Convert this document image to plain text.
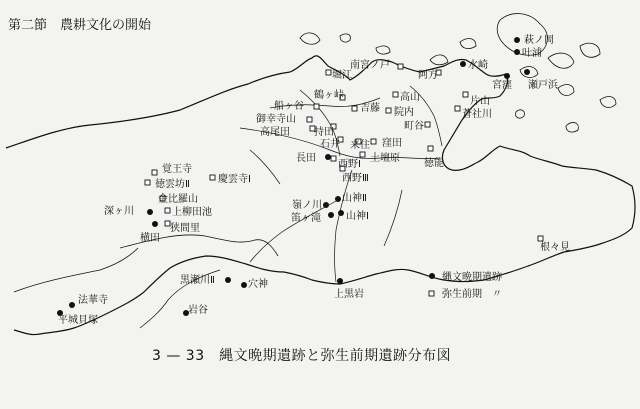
第二節　農耕文化の開始
萩ノ岡
叶浦
水崎
宮窪 瀬戸浜
南宮ノ戸
阿方
堀江
高山
鶴ヶ峠
片山
船ヶ谷	吉藤 院内	蒼社川
御幸寺山
持田
町谷
高尾田
石井 来住 窪田
長田
西野Ⅰ
土壇原 徳能
西野Ⅲ
覚王寺
慶雲寺Ⅰ
徳雲坊Ⅱ
金比羅山
深ヶ川	上柳田池
狭間里
横田
山神Ⅱ
嶺ノ川
笛ヶ滝	山神Ⅰ
根々見
黒瀬川Ⅱ	穴神
上黒岩
法華寺
岩谷
平城貝塚
縄文晩期遺跡
弥生前期　〃
3 — 33　縄文晩期遺跡と弥生前期遺跡分布図
